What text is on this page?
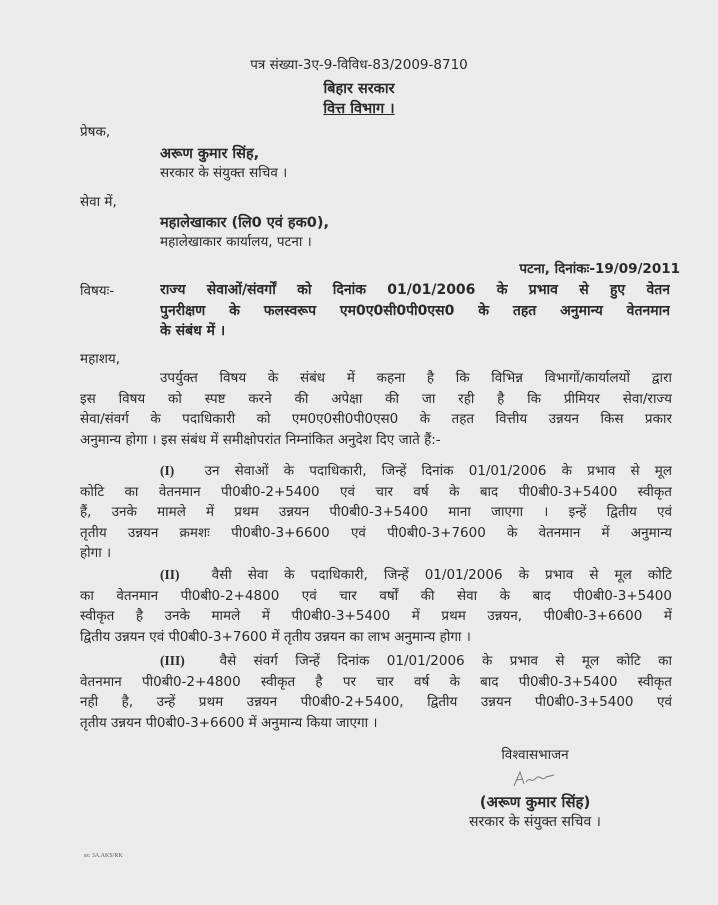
पत्र संख्या-3ए-9-विविध-83/2009-8710
बिहार सरकार
वित्त विभाग ।
प्रेषक,
अरूण कुमार सिंह,
सरकार के संयुक्त सचिव ।
सेवा में,
महालेखाकार (लि0 एवं हक0),
महालेखाकार कार्यालय, पटना ।
पटना, दिनांकः-19/09/2011
विषयः-	राज्य सेवाओं/संवर्गों को दिनांक 01/01/2006 के प्रभाव से हुए वेतन
पुनरीक्षण के फलस्वरूप एम0ए0सी0पी0एस0 के तहत अनुमान्य वेतनमान
के संबंध में ।
महाशय,
उपर्युक्त विषय के संबंध में कहना है कि विभिन्न विभागों/कार्यालयों द्वारा
इस विषय को स्पष्ट करने की अपेक्षा की जा रही है कि प्रीमियर सेवा/राज्य
सेवा/संवर्ग के पदाधिकारी को एम0ए0सी0पी0एस0 के तहत वित्तीय उन्नयन किस प्रकार
अनुमान्य होगा । इस संबंध में समीक्षोपरांत निम्नांकित अनुदेश दिए जाते हैं:-
(I) उन सेवाओं के पदाधिकारी, जिन्हें दिनांक 01/01/2006 के प्रभाव से मूल
कोटि का वेतनमान पी0बी0-2+5400 एवं चार वर्ष के बाद पी0बी0-3+5400 स्वीकृत
हैं, उनके मामले में प्रथम उन्नयन पी0बी0-3+5400 माना जाएगा । इन्हें द्वितीय एवं
तृतीय उन्नयन क्रमशः पी0बी0-3+6600 एवं पी0बी0-3+7600 के वेतनमान में अनुमान्य
होगा ।
(II) वैसी सेवा के पदाधिकारी, जिन्हें 01/01/2006 के प्रभाव से मूल कोटि
का वेतनमान पी0बी0-2+4800 एवं चार वर्षों की सेवा के बाद पी0बी0-3+5400
स्वीकृत है उनके मामले में पी0बी0-3+5400 में प्रथम उन्नयन, पी0बी0-3+6600 में
द्वितीय उन्नयन एवं पी0बी0-3+7600 में तृतीय उन्नयन का लाभ अनुमान्य होगा ।
(III)	वैसे संवर्ग जिन्हें दिनांक 01/01/2006 के प्रभाव से मूल कोटि का
वेतनमान पी0बी0-2+4800 स्वीकृत है पर चार वर्ष के बाद पी0बी0-3+5400 स्वीकृत
नही है, उन्हें प्रथम उन्नयन पी0बी0-2+5400, द्वितीय उन्नयन पी0बी0-3+5400 एवं
तृतीय उन्नयन पी0बी0-3+6600 में अनुमान्य किया जाएगा ।
विश्वासभाजन
(अरूण कुमार सिंह)
सरकार के संयुक्त सचिव ।
ss: 3A.AKS/RK
